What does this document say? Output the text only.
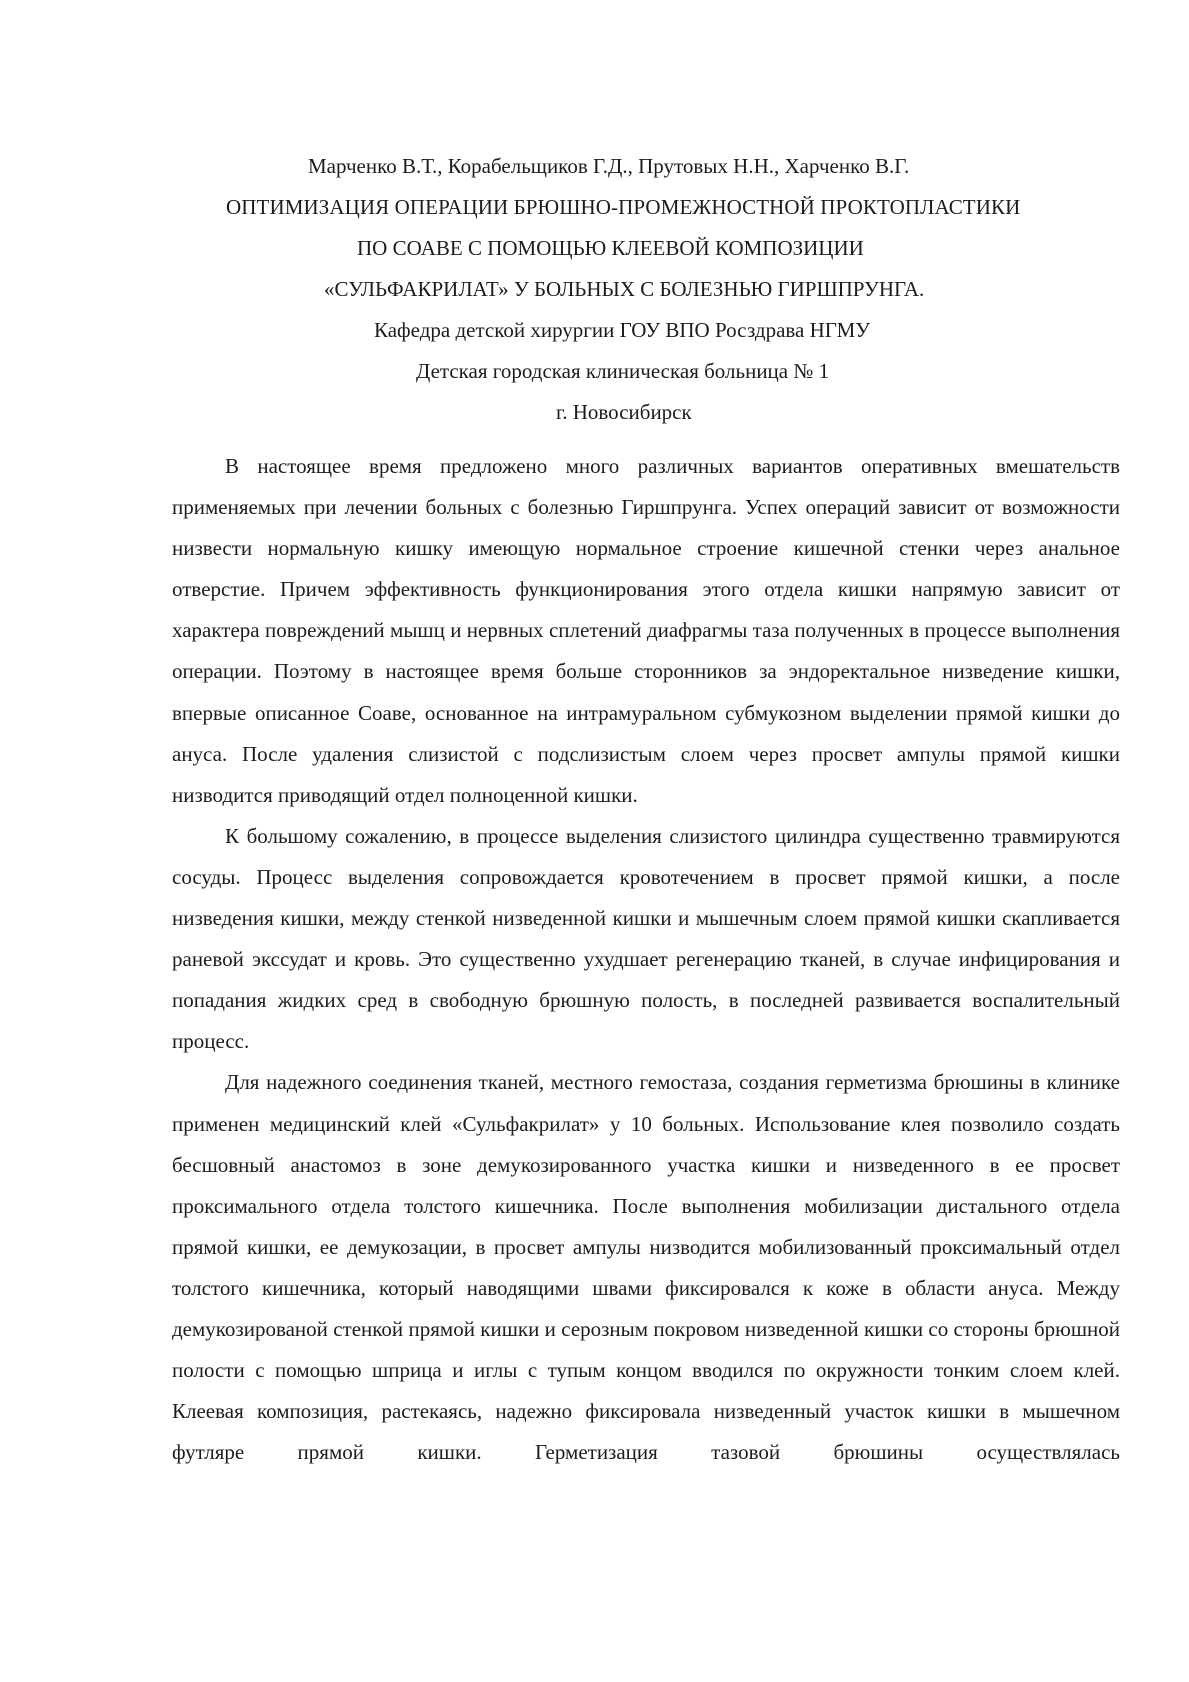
Марченко В.Т., Корабельщиков Г.Д., Прутовых Н.Н., Харченко В.Г.
ОПТИМИЗАЦИЯ ОПЕРАЦИИ БРЮШНО-ПРОМЕЖНОСТНОЙ ПРОКТОПЛАСТИКИ
ПО СОАВЕ С ПОМОЩЬЮ КЛЕЕВОЙ КОМПОЗИЦИИ
«СУЛЬФАКРИЛАТ» У БОЛЬНЫХ С БОЛЕЗНЬЮ ГИРШПРУНГА.
Кафедра детской хирургии ГОУ ВПО Росздрава НГМУ
Детская городская клиническая больница № 1
г. Новосибирск

В настоящее время предложено много различных вариантов оперативных вмешательств применяемых при лечении больных с болезнью Гиршпрунга. Успех операций зависит от возможности низвести нормальную кишку имеющую нормальное строение кишечной стенки через анальное отверстие. Причем эффективность функционирования этого отдела кишки напрямую зависит от характера повреждений мышц и нервных сплетений диафрагмы таза полученных в процессе выполнения операции. Поэтому в настоящее время больше сторонников за эндоректальное низведение кишки, впервые описанное Соаве, основанное на интрамуральном субмукозном выделении прямой кишки до ануса. После удаления слизистой с подслизистым слоем через просвет ампулы прямой кишки низводится приводящий отдел полноценной кишки.

К большому сожалению, в процессе выделения слизистого цилиндра существенно травмируются сосуды. Процесс выделения сопровождается кровотечением в просвет прямой кишки, а после низведения кишки, между стенкой низведенной кишки и мышечным слоем прямой кишки скапливается раневой экссудат и кровь. Это существенно ухудшает регенерацию тканей, в случае инфицирования и попадания жидких сред в свободную брюшную полость, в последней развивается воспалительный процесс.

Для надежного соединения тканей, местного гемостаза, создания герметизма брюшины в клинике применен медицинский клей «Сульфакрилат» у 10 больных. Использование клея позволило создать бесшовный анастомоз в зоне демукозированного участка кишки и низведенного в ее просвет проксимального отдела толстого кишечника. После выполнения мобилизации дистального отдела прямой кишки, ее демукозации, в просвет ампулы низводится мобилизованный проксимальный отдел толстого кишечника, который наводящими швами фиксировался к коже в области ануса. Между демукозированой стенкой прямой кишки и серозным покровом низведенной кишки со стороны брюшной полости с помощью шприца и иглы с тупым концом вводился по окружности тонким слоем клей. Клеевая композиция, растекаясь, надежно фиксировала низведенный участок кишки в мышечном футляре прямой кишки. Герметизация тазовой брюшины осуществлялась
